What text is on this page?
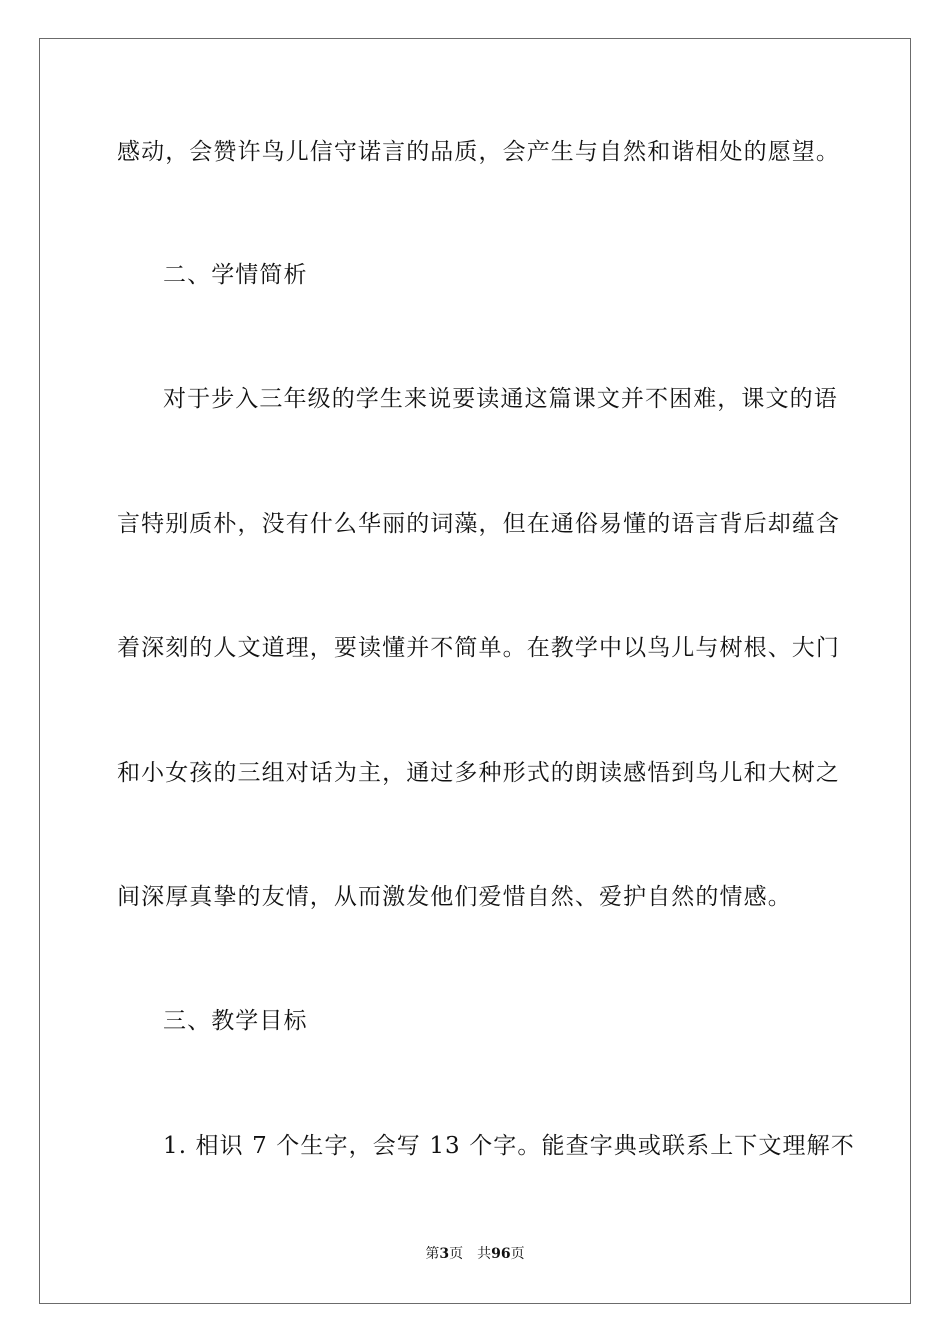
感动，会赞许鸟儿信守诺言的品质，会产生与自然和谐相处的愿望。
二、学情简析
对于步入三年级的学生来说要读通这篇课文并不困难，课文的语
言特别质朴，没有什么华丽的词藻，但在通俗易懂的语言背后却蕴含
着深刻的人文道理，要读懂并不简单。在教学中以鸟儿与树根、大门
和小女孩的三组对话为主，通过多种形式的朗读感悟到鸟儿和大树之
间深厚真挚的友情，从而激发他们爱惜自然、爱护自然的情感。
三、教学目标
1. 相识 7 个生字，会写 13 个字。能查字典或联系上下文理解不
第3页 共96页
